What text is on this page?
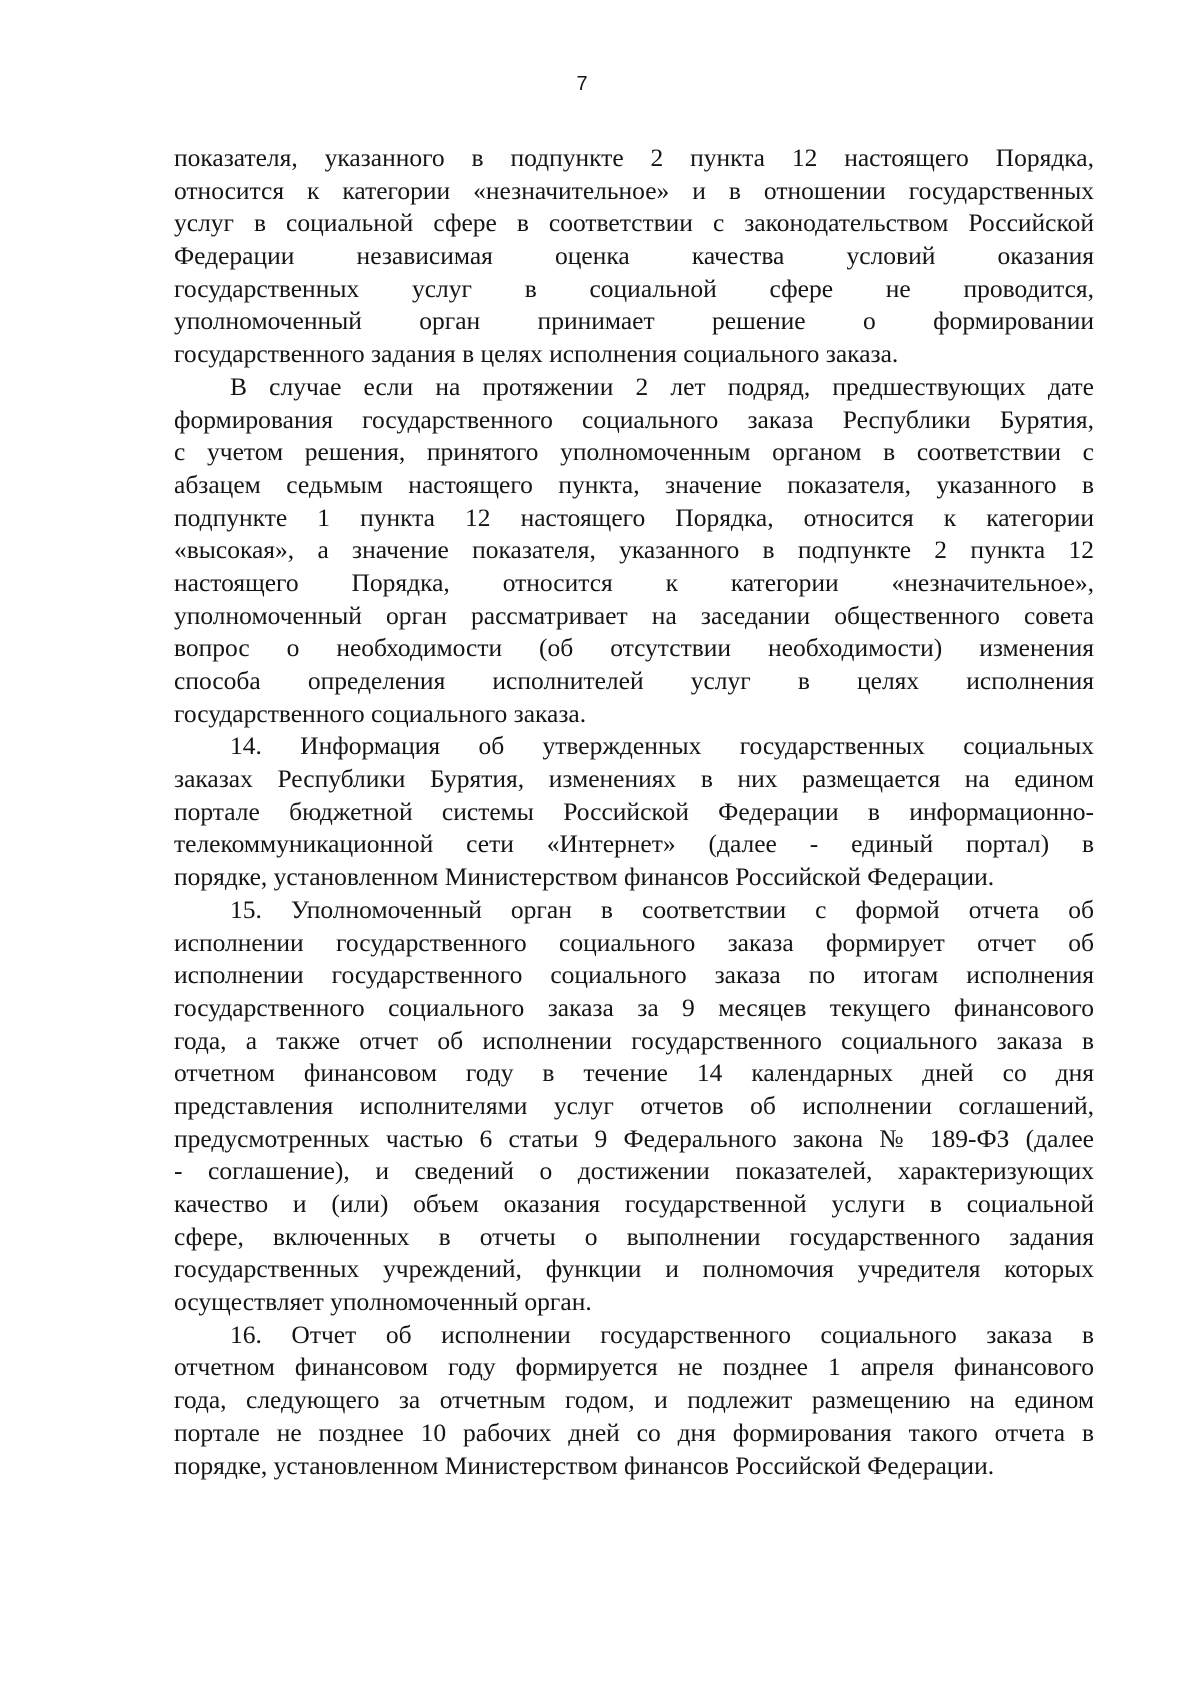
7
показателя, указанного в подпункте 2 пункта 12 настоящего Порядка,
относится к категории «незначительное» и в отношении государственных
услуг в социальной сфере в соответствии с законодательством Российской
Федерации независимая оценка качества условий оказания
государственных услуг в социальной сфере не проводится,
уполномоченный орган принимает решение о формировании
государственного задания в целях исполнения социального заказа.
В случае если на протяжении 2 лет подряд, предшествующих дате
формирования государственного социального заказа Республики Бурятия,
с учетом решения, принятого уполномоченным органом в соответствии с
абзацем седьмым настоящего пункта, значение показателя, указанного в
подпункте 1 пункта 12 настоящего Порядка, относится к категории
«высокая», а значение показателя, указанного в подпункте 2 пункта 12
настоящего Порядка, относится к категории «незначительное»,
уполномоченный орган рассматривает на заседании общественного совета
вопрос о необходимости (об отсутствии необходимости) изменения
способа определения исполнителей услуг в целях исполнения
государственного социального заказа.
14. Информация об утвержденных государственных социальных
заказах Республики Бурятия, изменениях в них размещается на едином
портале бюджетной системы Российской Федерации в информационно-
телекоммуникационной сети «Интернет» (далее - единый портал) в
порядке, установленном Министерством финансов Российской Федерации.
15. Уполномоченный орган в соответствии с формой отчета об
исполнении государственного социального заказа формирует отчет об
исполнении государственного социального заказа по итогам исполнения
государственного социального заказа за 9 месяцев текущего финансового
года, а также отчет об исполнении государственного социального заказа в
отчетном финансовом году в течение 14 календарных дней со дня
представления исполнителями услуг отчетов об исполнении соглашений,
предусмотренных частью 6 статьи 9 Федерального закона № 189-ФЗ (далее
- соглашение), и сведений о достижении показателей, характеризующих
качество и (или) объем оказания государственной услуги в социальной
сфере, включенных в отчеты о выполнении государственного задания
государственных учреждений, функции и полномочия учредителя которых
осуществляет уполномоченный орган.
16. Отчет об исполнении государственного социального заказа в
отчетном финансовом году формируется не позднее 1 апреля финансового
года, следующего за отчетным годом, и подлежит размещению на едином
портале не позднее 10 рабочих дней со дня формирования такого отчета в
порядке, установленном Министерством финансов Российской Федерации.
